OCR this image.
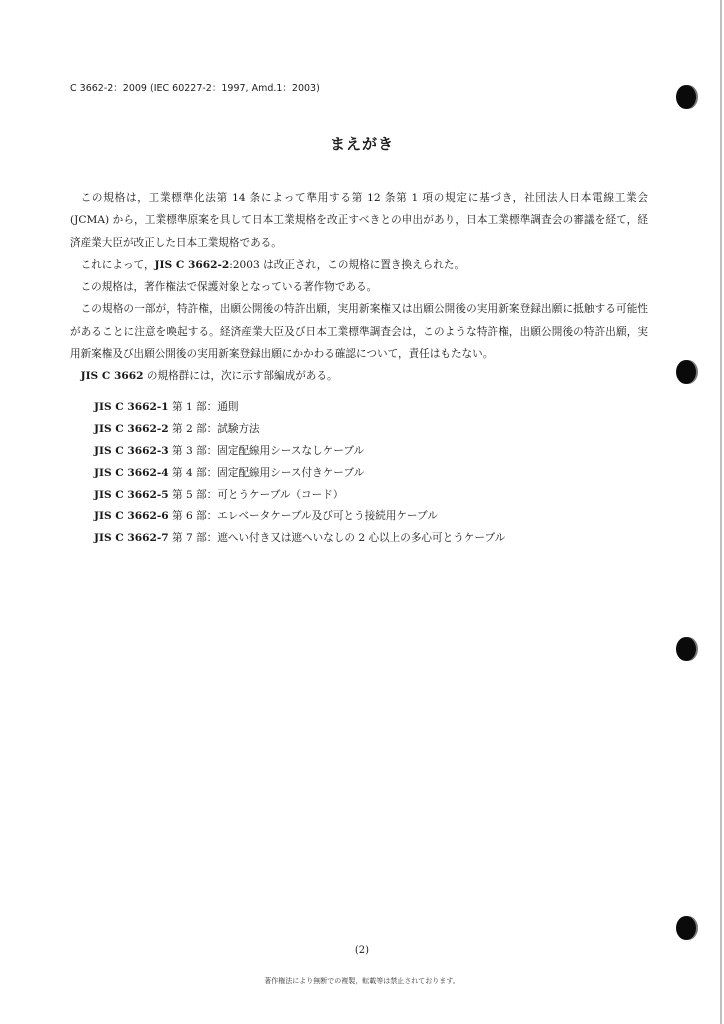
C 3662-2：2009 (IEC 60227-2：1997, Amd.1：2003)
まえがき

この規格は，工業標準化法第 14 条によって準用する第 12 条第 1 項の規定に基づき，社団法人日本電線工業会 (JCMA) から，工業標準原案を具して日本工業規格を改正すべきとの申出があり，日本工業標準調査会の審議を経て，経済産業大臣が改正した日本工業規格である。

これによって，JIS C 3662-2:2003 は改正され，この規格に置き換えられた。

この規格は，著作権法で保護対象となっている著作物である。

この規格の一部が，特許権，出願公開後の特許出願，実用新案権又は出願公開後の実用新案登録出願に抵触する可能性があることに注意を喚起する。経済産業大臣及び日本工業標準調査会は，このような特許権，出願公開後の特許出願，実用新案権及び出願公開後の実用新案登録出願にかかわる確認について，責任はもたない。

JIS C 3662 の規格群には，次に示す部編成がある。

JIS C 3662-1 第 1 部：通則
JIS C 3662-2 第 2 部：試験方法
JIS C 3662-3 第 3 部：固定配線用シースなしケーブル
JIS C 3662-4 第 4 部：固定配線用シース付きケーブル
JIS C 3662-5 第 5 部：可とうケーブル（コード）
JIS C 3662-6 第 6 部：エレベータケーブル及び可とう接続用ケーブル
JIS C 3662-7 第 7 部：遮へい付き又は遮へいなしの 2 心以上の多心可とうケーブル
(2)
著作権法により無断での複製，転載等は禁止されております。
